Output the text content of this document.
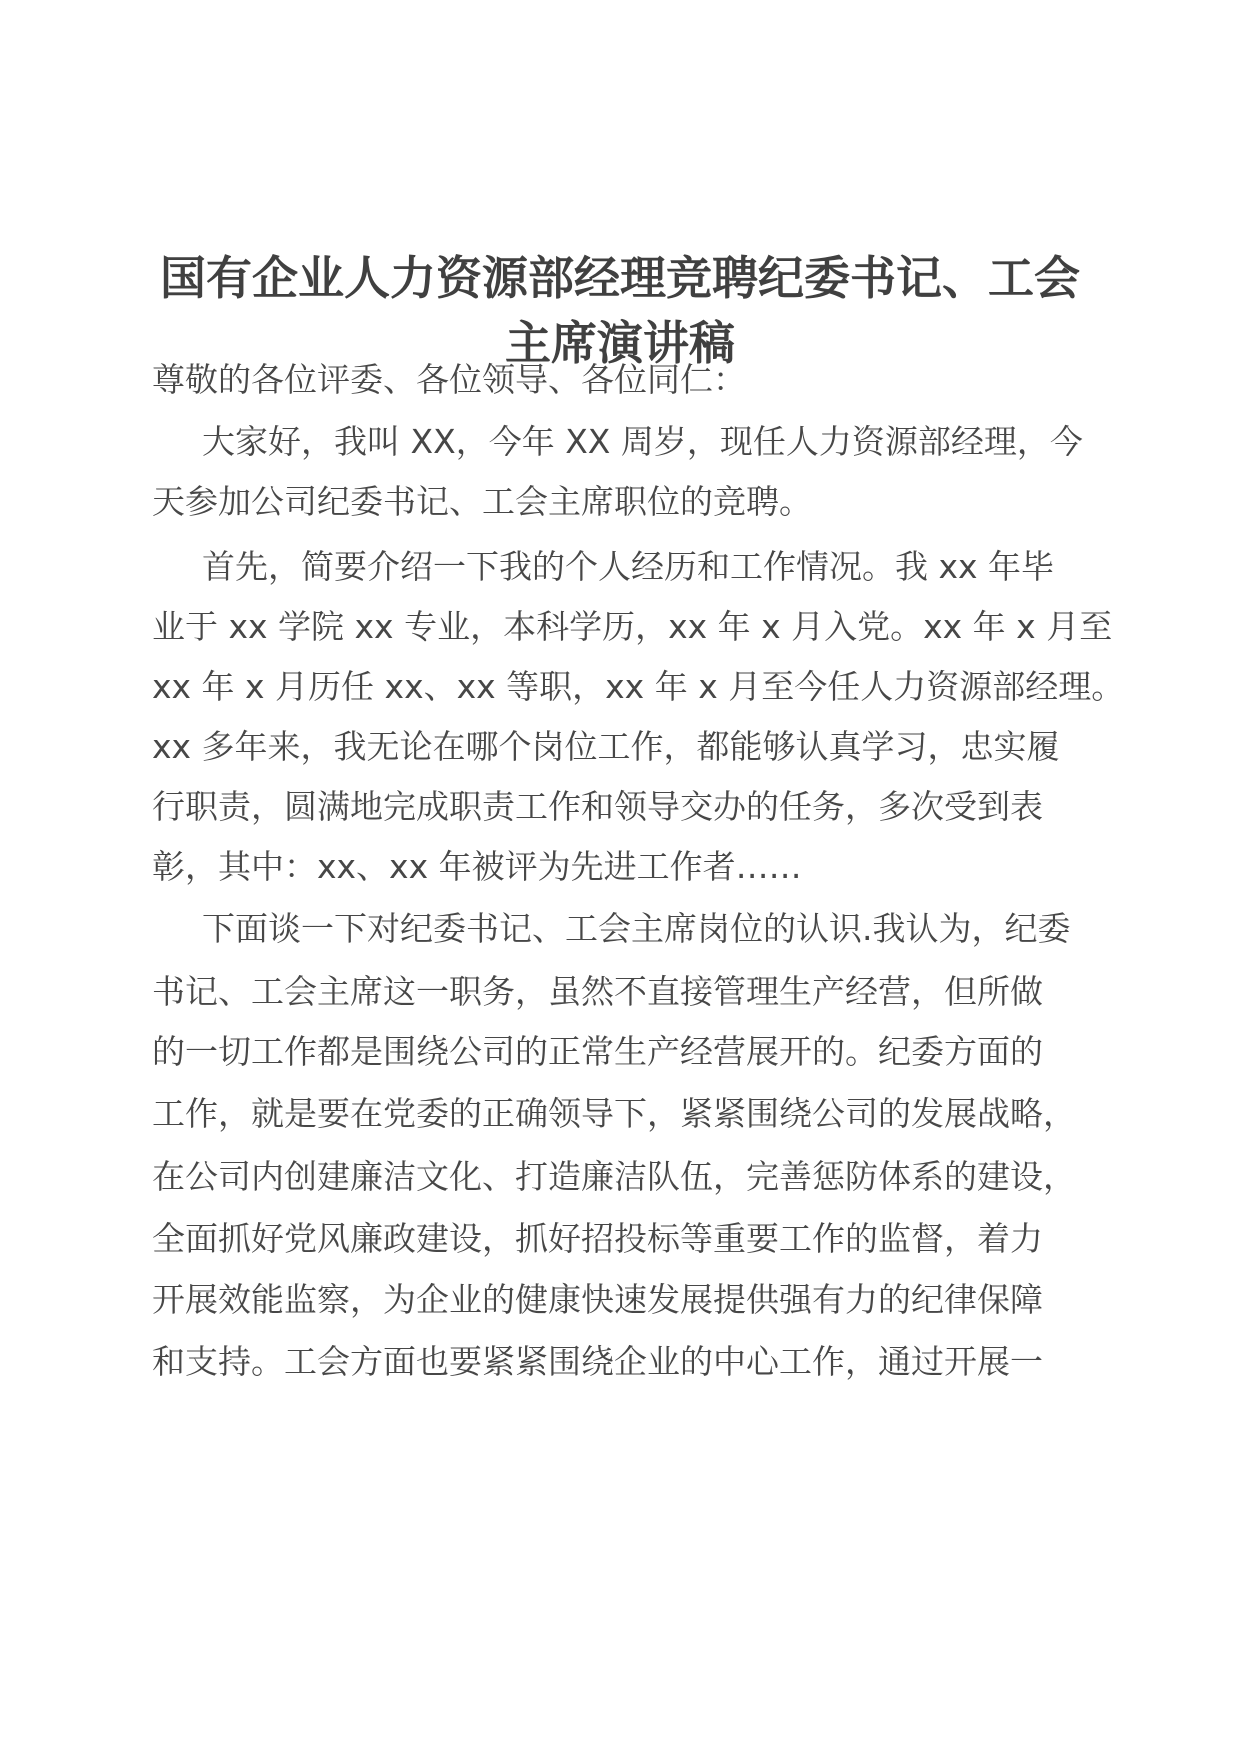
国有企业人力资源部经理竞聘纪委书记、工会
主席演讲稿
尊敬的各位评委、各位领导、各位同仁：
大家好，我叫 XX，今年 XX 周岁，现任人力资源部经理，今
天参加公司纪委书记、工会主席职位的竞聘。
首先，简要介绍一下我的个人经历和工作情况。我 xx 年毕
业于 xx 学院 xx 专业，本科学历，xx 年 x 月入党。xx 年 x 月至
xx 年 x 月历任 xx、xx 等职，xx 年 x 月至今任人力资源部经理。
xx 多年来，我无论在哪个岗位工作，都能够认真学习，忠实履
行职责，圆满地完成职责工作和领导交办的任务，多次受到表
彰，其中：xx、xx 年被评为先进工作者……
下面谈一下对纪委书记、工会主席岗位的认识.我认为，纪委
书记、工会主席这一职务，虽然不直接管理生产经营，但所做
的一切工作都是围绕公司的正常生产经营展开的。纪委方面的
工作，就是要在党委的正确领导下，紧紧围绕公司的发展战略，
在公司内创建廉洁文化、打造廉洁队伍，完善惩防体系的建设，
全面抓好党风廉政建设，抓好招投标等重要工作的监督，着力
开展效能监察，为企业的健康快速发展提供强有力的纪律保障
和支持。工会方面也要紧紧围绕企业的中心工作，通过开展一
